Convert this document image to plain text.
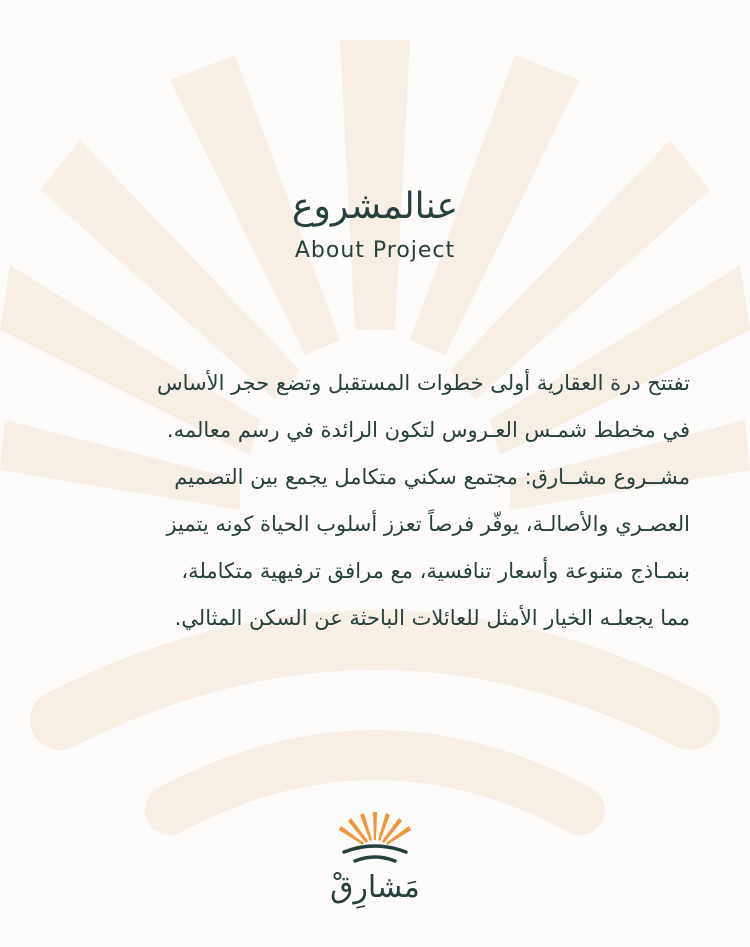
عنالمشروع
About Project
تفتتح درة العقارية أولى خطوات المستقبل وتضع حجر الأساس
في مخطط شمـس العـروس لتكون الرائدة في رسم معالمه.
مشــروع مشــارق: مجتمع سكني متكامل يجمع بين التصميم
العصـري والأصالـة، يوفّر فرصاً تعزز أسلوب الحياة كونه يتميز
بنمـاذج متنوعة وأسعار تنافسية، مع مرافق ترفيهية متكاملة،
مما يجعلـه الخيار الأمثل للعائلات الباحثة عن السكن المثالي.
مَشارِقْ
